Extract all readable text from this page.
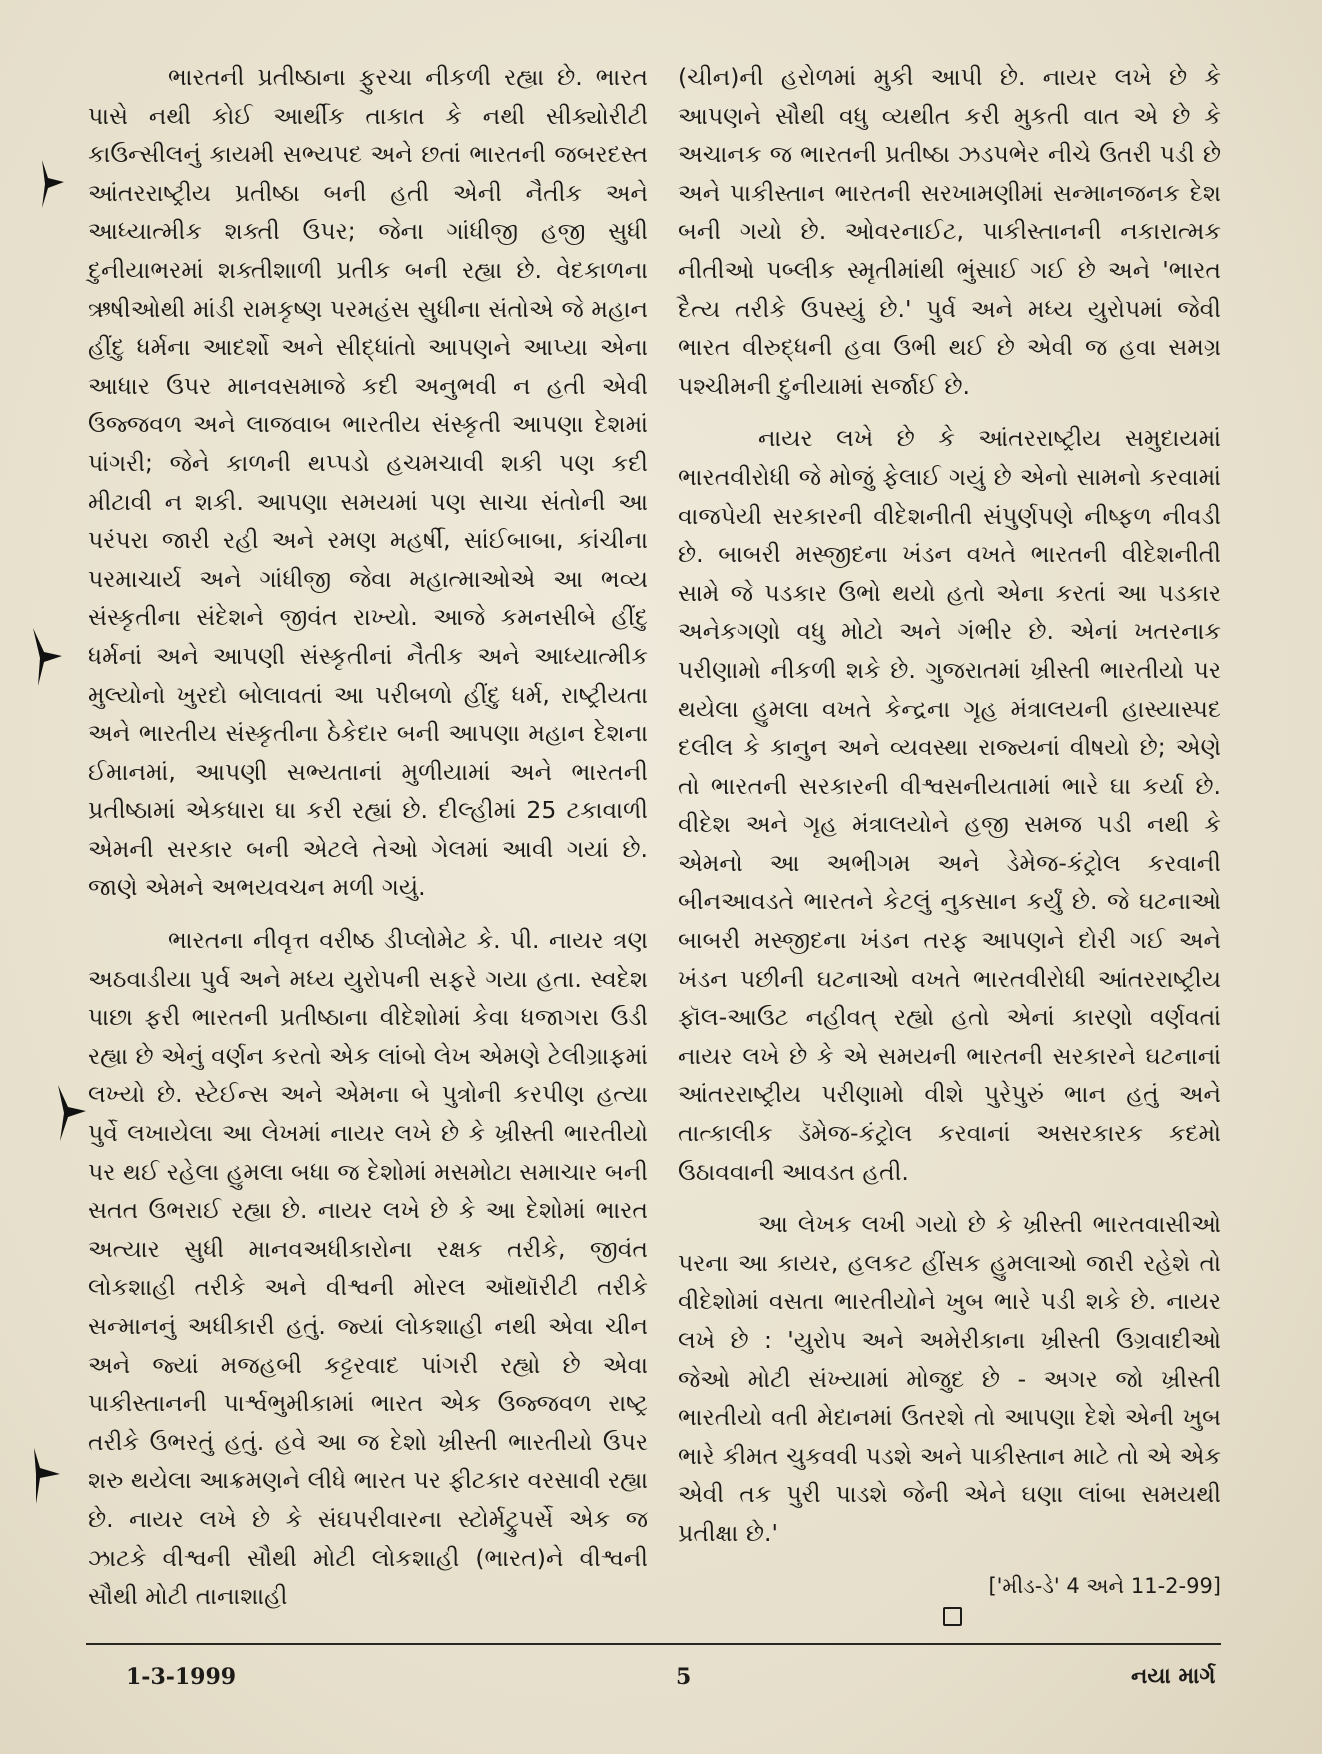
ભારતની પ્રતીષ્ઠાના ફુરચા નીકળી રહ્યા છે. ભારત પાસે નથી કોઈ આર્થીક તાકાત કે નથી સીક્યોરીટી કાઉન્સીલનું કાયમી સભ્યપદ અને છતાં ભારતની જબરદસ્ત આંતરરાષ્ટ્રીય પ્રતીષ્ઠા બની હતી એની નૈતીક અને આધ્યાત્મીક શક્તી ઉપર; જેના ગાંધીજી હજી સુધી દુનીયાભરમાં શક્તીશાળી પ્રતીક બની રહ્યા છે. વેદકાળના ઋષીઓથી માંડી રામકૃષ્ણ પરમહંસ સુધીના સંતોએ જે મહાન હીંદુ ધર્મના આદર્શો અને સીદ્ધાંતો આપણને આપ્યા એના આધાર ઉપર માનવસમાજે કદી અનુભવી ન હતી એવી ઉજ્જવળ અને લાજવાબ ભારતીય સંસ્કૃતી આપણા દેશમાં પાંગરી; જેને કાળની થપ્પડો હચમચાવી શકી પણ કદી મીટાવી ન શકી. આપણા સમયમાં પણ સાચા સંતોની આ પરંપરા જારી રહી અને રમણ મહર્ષી, સાંઈબાબા, કાંચીના પરમાચાર્ય અને ગાંધીજી જેવા મહાત્માઓએ આ ભવ્ય સંસ્કૃતીના સંદેશને જીવંત રાખ્યો. આજે કમનસીબે હીંદુ ધર્મનાં અને આપણી સંસ્કૃતીનાં નૈતીક અને આધ્યાત્મીક મુલ્યોનો ખુરદો બોલાવતાં આ પરીબળો હીંદુ ધર્મ, રાષ્ટ્રીયતા અને ભારતીય સંસ્કૃતીના ઠેકેદાર બની આપણા મહાન દેશના ઈમાનમાં, આપણી સભ્યતાનાં મુળીયામાં અને ભારતની પ્રતીષ્ઠામાં એકધારા ઘા કરી રહ્યાં છે. દીલ્હીમાં 25 ટકાવાળી એમની સરકાર બની એટલે તેઓ ગેલમાં આવી ગયાં છે. જાણે એમને અભયવચન મળી ગયું.

ભારતના નીવૃત્ત વરીષ્ઠ ડીપ્લોમેટ કે. પી. નાયર ત્રણ અઠવાડીયા પુર્વ અને મધ્ય યુરોપની સફરે ગયા હતા. સ્વદેશ પાછા ફરી ભારતની પ્રતીષ્ઠાના વીદેશોમાં કેવા ધજાગરા ઉડી રહ્યા છે એનું વર્ણન કરતો એક લાંબો લેખ એમણે ટેલીગ્રાફમાં લખ્યો છે. સ્ટેઈન્સ અને એમના બે પુત્રોની કરપીણ હત્યા પુર્વે લખાયેલા આ લેખમાં નાયર લખે છે કે ખ્રીસ્તી ભારતીયો પર થઈ રહેલા હુમલા બધા જ દેશોમાં મસમોટા સમાચાર બની સતત ઉભરાઈ રહ્યા છે. નાયર લખે છે કે આ દેશોમાં ભારત અત્યાર સુધી માનવઅધીકારોના રક્ષક તરીકે, જીવંત લોકશાહી તરીકે અને વીશ્વની મોરલ ઑથૉરીટી તરીકે સન્માનનું અધીકારી હતું. જ્યાં લોકશાહી નથી એવા ચીન અને જ્યાં મજહબી કટ્ટરવાદ પાંગરી રહ્યો છે એવા પાકીસ્તાનની પાર્શ્વભુમીકામાં ભારત એક ઉજ્જવળ રાષ્ટ્ર તરીકે ઉભરતું હતું. હવે આ જ દેશો ખ્રીસ્તી ભારતીયો ઉપર શરુ થયેલા આક્રમણને લીધે ભારત પર ફીટકાર વરસાવી રહ્યા છે. નાયર લખે છે કે સંઘપરીવારના સ્ટોર્મટ્રુપર્સે એક જ ઝાટકે વીશ્વની સૌથી મોટી લોકશાહી (ભારત)ને વીશ્વની સૌથી મોટી તાનાશાહી

(ચીન)ની હરોળમાં મુકી આપી છે. નાયર લખે છે કે આપણને સૌથી વધુ વ્યથીત કરી મુકતી વાત એ છે કે અચાનક જ ભારતની પ્રતીષ્ઠા ઝડપભેર નીચે ઉતરી પડી છે અને પાકીસ્તાન ભારતની સરખામણીમાં સન્માનજનક દેશ બની ગયો છે. ઓવરનાઈટ, પાકીસ્તાનની નકારાત્મક નીતીઓ પબ્લીક સ્મૃતીમાંથી ભુંસાઈ ગઈ છે અને 'ભારત દૈત્ય તરીકે ઉપસ્યું છે.' પુર્વ અને મધ્ય યુરોપમાં જેવી ભારત વીરુદ્ધની હવા ઉભી થઈ છે એવી જ હવા સમગ્ર પશ્ચીમની દુનીયામાં સર્જાઈ છે.

નાયર લખે છે કે આંતરરાષ્ટ્રીય સમુદાયમાં ભારતવીરોધી જે મોજું ફેલાઈ ગયું છે એનો સામનો કરવામાં વાજપેયી સરકારની વીદેશનીતી સંપુર્ણપણે નીષ્ફળ નીવડી છે. બાબરી મસ્જીદના ખંડન વખતે ભારતની વીદેશનીતી સામે જે પડકાર ઉભો થયો હતો એના કરતાં આ પડકાર અનેકગણો વધુ મોટો અને ગંભીર છે. એનાં ખતરનાક પરીણામો નીકળી શકે છે. ગુજરાતમાં ખ્રીસ્તી ભારતીયો પર થયેલા હુમલા વખતે કેન્દ્રના ગૃહ મંત્રાલયની હાસ્યાસ્પદ દલીલ કે કાનુન અને વ્યવસ્થા રાજ્યનાં વીષયો છે; એણે તો ભારતની સરકારની વીશ્વસનીયતામાં ભારે ઘા કર્યા છે. વીદેશ અને ગૃહ મંત્રાલયોને હજી સમજ પડી નથી કે એમનો આ અભીગમ અને ડેમેજ-કંટ્રોલ કરવાની બીનઆવડતે ભારતને કેટલું નુકસાન કર્યું છે. જે ઘટનાઓ બાબરી મસ્જીદના ખંડન તરફ આપણને દોરી ગઈ અને ખંડન પછીની ઘટનાઓ વખતે ભારતવીરોધી આંતરરાષ્ટ્રીય ફૉલ-આઉટ નહીવત્ રહ્યો હતો એનાં કારણો વર્ણવતાં નાયર લખે છે કે એ સમયની ભારતની સરકારને ઘટનાનાં આંતરરાષ્ટ્રીય પરીણામો વીશે પુરેપુરું ભાન હતું અને તાત્કાલીક ડૅમેજ-કંટ્રોલ કરવાનાં અસરકારક કદમો ઉઠાવવાની આવડત હતી.

આ લેખક લખી ગયો છે કે ખ્રીસ્તી ભારતવાસીઓ પરના આ કાયર, હલકટ હીંસક હુમલાઓ જારી રહેશે તો વીદેશોમાં વસતા ભારતીયોને ખુબ ભારે પડી શકે છે. નાયર લખે છે : 'યુરોપ અને અમેરીકાના ખ્રીસ્તી ઉગ્રવાદીઓ જેઓ મોટી સંખ્યામાં મોજુદ છે - અગર જો ખ્રીસ્તી ભારતીયો વતી મેદાનમાં ઉતરશે તો આપણા દેશે એની ખુબ ભારે કીમત ચુકવવી પડશે અને પાકીસ્તાન માટે તો એ એક એવી તક પુરી પાડશે જેની એને ઘણા લાંબા સમયથી પ્રતીક્ષા છે.'

['મીડ-ડે' 4 અને 11-2-99]
1-3-1999	5	નયા માર્ગ
